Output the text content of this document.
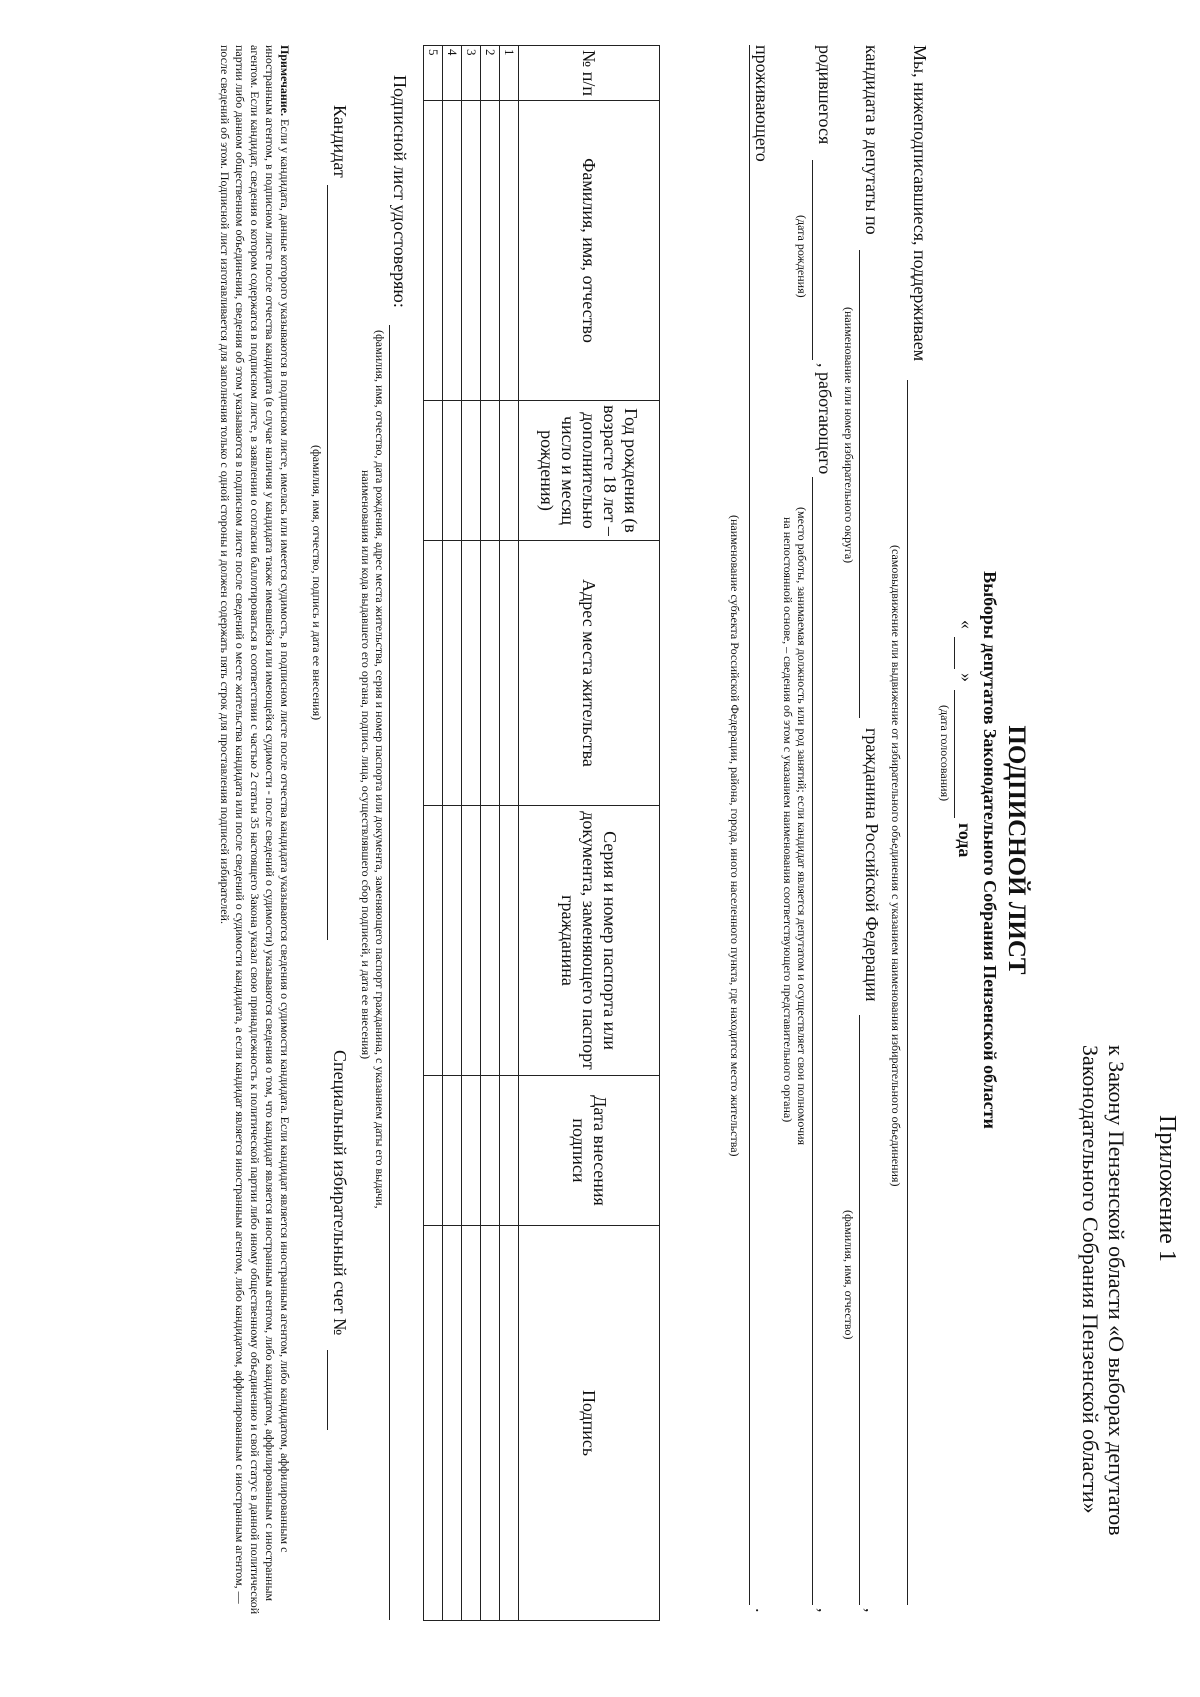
Приложение 1
к Закону Пензенской области «О выборах депутатов
Законодательного Собрания Пензенской области»
ПОДПИСНОЙ ЛИСТ
Выборы депутатов Законодательного Собрания Пензенской области
«
»
года
(дата голосования)
Мы, нижеподписавшиеся, поддерживаем
(самовыдвижение или выдвижение от избирательного объединения с указанием наименования избирательного объединения)
кандидата в депутаты по
(наименование или номер избирательного округа)
гражданина Российской Федерации
,
(фамилия, имя, отчество)
родившегося
(дата рождения)
, работающего
,
(место работы, занимаемая должность или род занятий; если кандидат является депутатом и осуществляет свои полномочия
на непостоянной основе, – сведения об этом с указанием наименования соответствующего представительного органа)
проживающего
.
(наименование субъекта Российской Федерации, района, города, иного населенного пункта, где находится место жительства)
№ п/п	Фамилия, имя, отчество	Год рождения (в возрасте 18 лет – дополнительно число и месяц рождения)	Адрес места жительства	Серия и номер паспорта или документа, заменяющего паспорт гражданина	Дата внесения подписи	Подпись
1						
2						
3						
4						
5						
Подписной лист удостоверяю:
(фамилия, имя, отчество, дата рождения, адрес места жительства, серия и номер паспорта или документа, заменяющего паспорт гражданина, с указанием даты его выдачи,
наименования или кода выдавшего его органа, подпись лица, осуществлявшего сбор подписей, и дата ее внесения)
Кандидат
(фамилия, имя, отчество, подпись и дата ее внесения)
Специальный избирательный счет №
Примечание. Если у кандидата, данные которого указываются в подписном листе, имелась или имеется судимость, в подписном листе после отчества кандидата указываются сведения о судимости кандидата. Если кандидат является иностранным агентом, либо кандидатом, аффилированным с иностранным агентом, в подписном листе после отчества кандидата (в случае наличия у кандидата также имевшейся или имеющейся судимости - после сведений о судимости) указываются сведения о том, что кандидат является иностранным агентом, либо кандидатом, аффилированным с иностранным агентом. Если кандидат, сведения о котором содержатся в подписном листе, в заявлении о согласии баллотироваться в соответствии с частью 2 статьи 35 настоящего Закона указал свою принадлежность к политической партии либо иному общественному объединению и свой статус в данной политической партии либо данном общественном объединении, сведения об этом указываются в подписном листе после сведений о месте жительства кандидата или после сведений о судимости кандидата, а если кандидат является иностранным агентом, либо кандидатом, аффилированным с иностранным агентом, — после сведений об этом. Подписной лист изготавливается для заполнения только с одной стороны и должен содержать пять строк для проставления подписей избирателей.
